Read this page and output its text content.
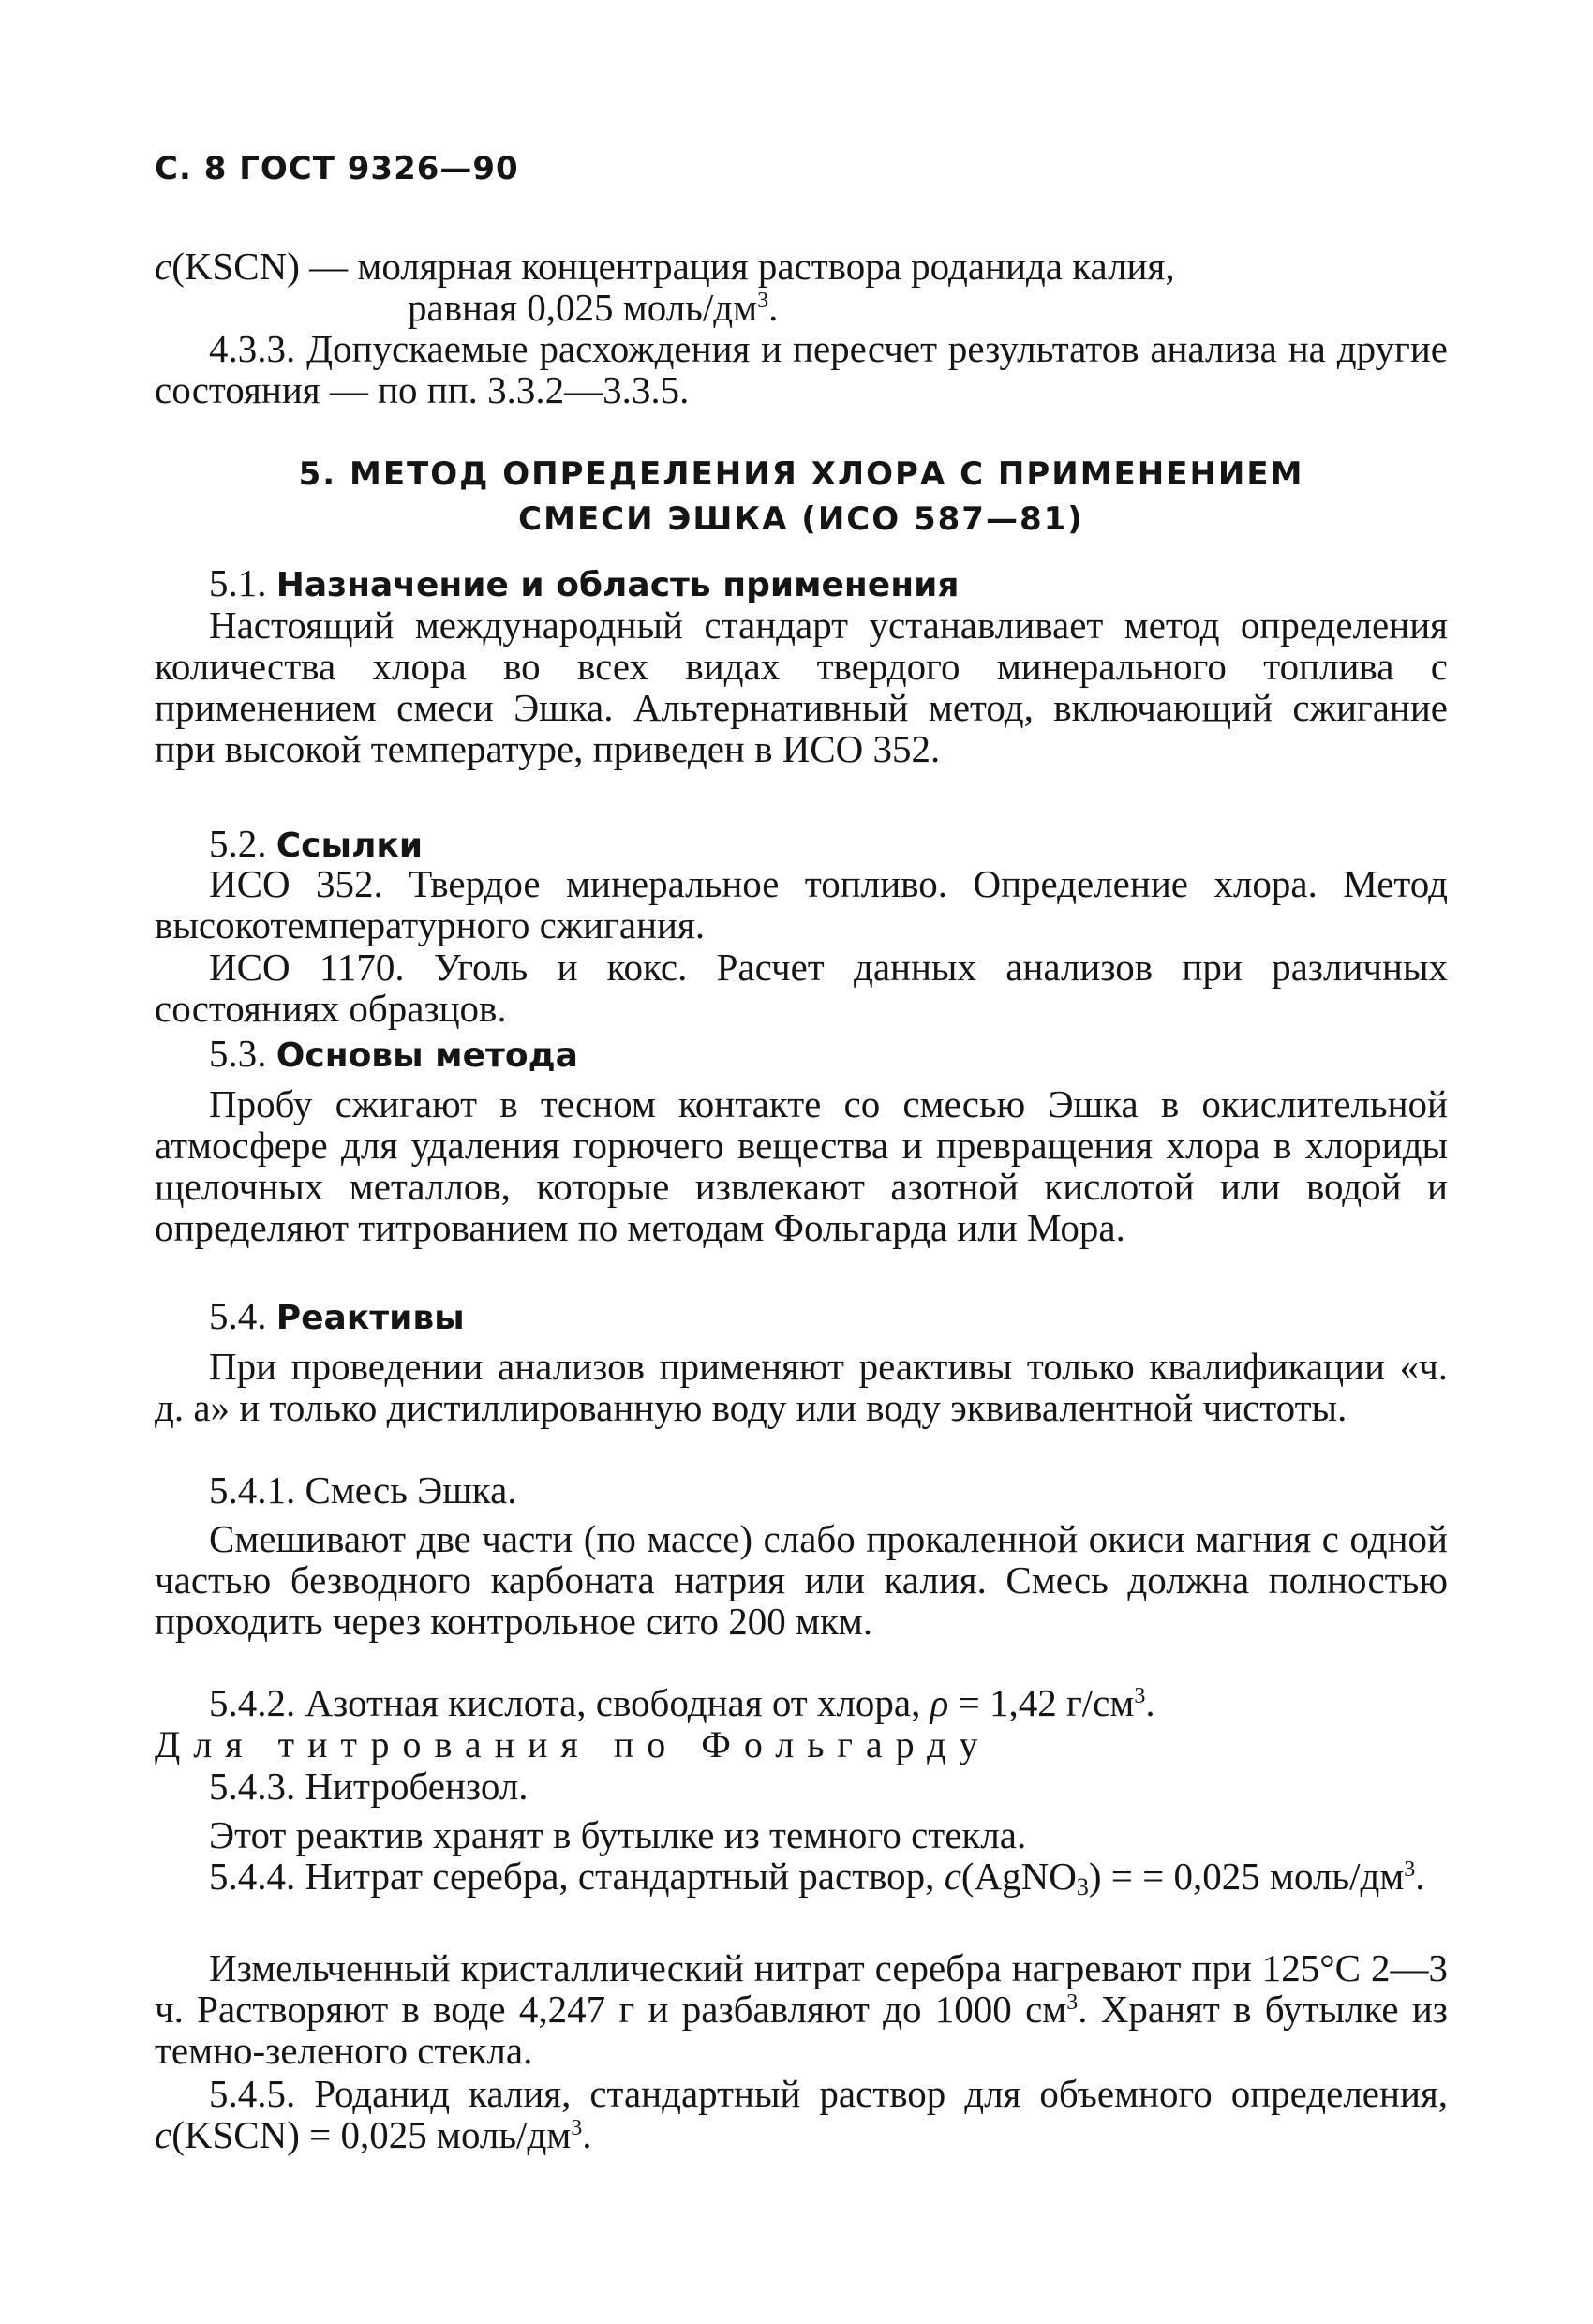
С. 8 ГОСТ 9326—90
c(KSCN) — молярная концентрация раствора роданида калия,
равная 0,025 моль/$дм^3$.

4.3.3. Допускаемые расхождения и пересчет результатов анализа на другие состояния — по пп. 3.3.2—3.3.5.

5. МЕТОД ОПРЕДЕЛЕНИЯ ХЛОРА С ПРИМЕНЕНИЕМ
СМЕСИ ЭШКА (ИСО 587—81)
5.1. Назначение и область применения

Настоящий международный стандарт устанавливает метод определения количества хлора во всех видах твердого минерального топлива с применением смеси Эшка. Альтернативный метод, включающий сжигание при высокой температуре, приведен в ИСО 352.

5.2. Ссылки

ИСО 352. Твердое минеральное топливо. Определение хлора. Метод высокотемпературного сжигания.

ИСО 1170. Уголь и кокс. Расчет данных анализов при различных состояниях образцов.

5.3. Основы метода

Пробу сжигают в тесном контакте со смесью Эшка в окислительной атмосфере для удаления горючего вещества и превращения хлора в хлориды щелочных металлов, которые извлекают азотной кислотой или водой и определяют титрованием по методам Фольгарда или Мора.

5.4. Реактивы

При проведении анализов применяют реактивы только квалификации «ч. д. а» и только дистиллированную воду или воду эквивалентной чистоты.

5.4.1. Смесь Эшка.

Смешивают две части (по массе) слабо прокаленной окиси магния с одной частью безводного карбоната натрия или калия. Смесь должна полностью проходить через контрольное сито 200 мкм.

5.4.2. Азотная кислота, свободная от хлора, ρ = 1,42 $г/см^3$.
Для титрования по Фольгарду
5.4.3. Нитробензол.

Этот реактив хранят в бутылке из темного стекла.

5.4.4. Нитрат серебра, стандартный раствор, c(AgNO$_3$) = = 0,025 моль/$дм^3$.

Измельченный кристаллический нитрат серебра нагревают при 125°C 2—3 ч. Растворяют в воде 4,247 г и разбавляют до 1000 $см^3$. Хранят в бутылке из темно-зеленого стекла.

5.4.5. Роданид калия, стандартный раствор для объемного определения, c(KSCN) = 0,025 моль/$дм^3$.
